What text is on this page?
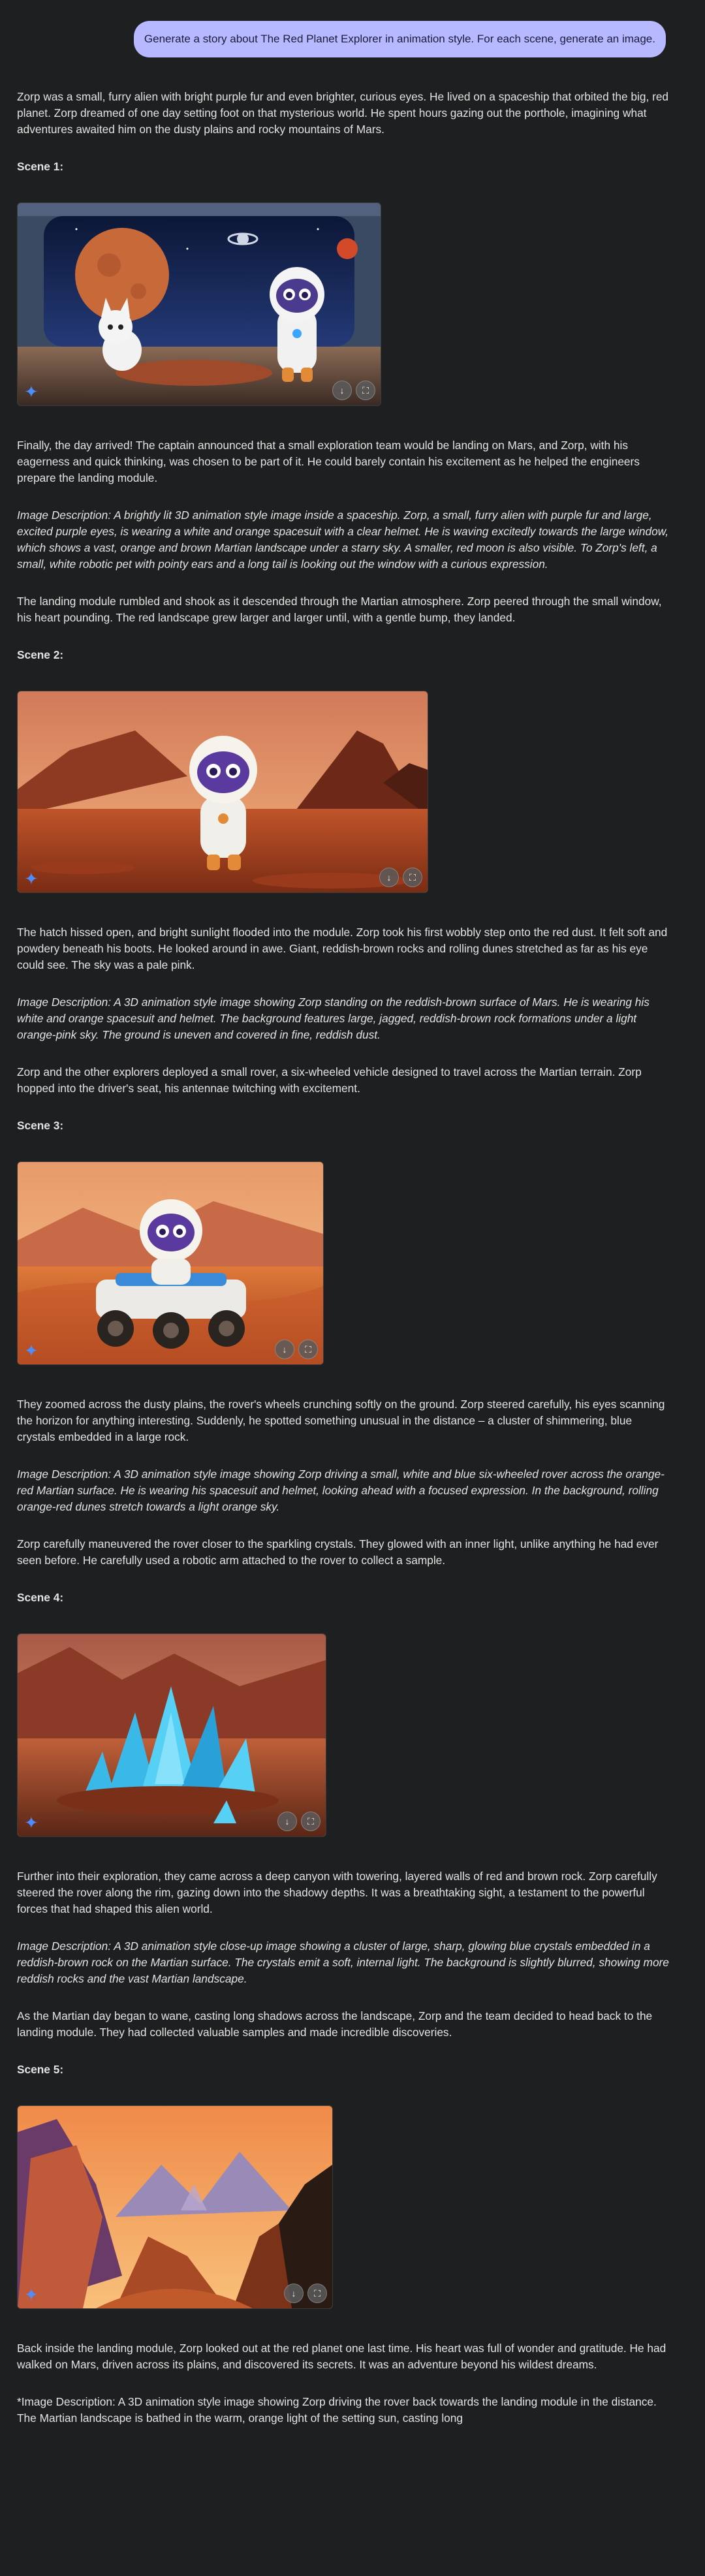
Generate a story about The Red Planet Explorer in animation style. For each scene, generate an image.

Zorp was a small, furry alien with bright purple fur and even brighter, curious eyes. He lived on a spaceship that orbited the big, red planet. Zorp dreamed of one day setting foot on that mysterious world. He spent hours gazing out the porthole, imagining what adventures awaited him on the dusty plains and rocky mountains of Mars.

Scene 1:
✦	↓	⛶

Finally, the day arrived! The captain announced that a small exploration team would be landing on Mars, and Zorp, with his eagerness and quick thinking, was chosen to be part of it. He could barely contain his excitement as he helped the engineers prepare the landing module.

Image Description: A brightly lit 3D animation style image inside a spaceship. Zorp, a small, furry alien with purple fur and large, excited purple eyes, is wearing a white and orange spacesuit with a clear helmet. He is waving excitedly towards the large window, which shows a vast, orange and brown Martian landscape under a starry sky. A smaller, red moon is also visible. To Zorp's left, a small, white robotic pet with pointy ears and a long tail is looking out the window with a curious expression.

The landing module rumbled and shook as it descended through the Martian atmosphere. Zorp peered through the small window, his heart pounding. The red landscape grew larger and larger until, with a gentle bump, they landed.

Scene 2:
✦	↓	⛶

The hatch hissed open, and bright sunlight flooded into the module. Zorp took his first wobbly step onto the red dust. It felt soft and powdery beneath his boots. He looked around in awe. Giant, reddish-brown rocks and rolling dunes stretched as far as his eye could see. The sky was a pale pink.

Image Description: A 3D animation style image showing Zorp standing on the reddish-brown surface of Mars. He is wearing his white and orange spacesuit and helmet. The background features large, jagged, reddish-brown rock formations under a light orange-pink sky. The ground is uneven and covered in fine, reddish dust.

Zorp and the other explorers deployed a small rover, a six-wheeled vehicle designed to travel across the Martian terrain. Zorp hopped into the driver's seat, his antennae twitching with excitement.

Scene 3:
✦	↓	⛶

They zoomed across the dusty plains, the rover's wheels crunching softly on the ground. Zorp steered carefully, his eyes scanning the horizon for anything interesting. Suddenly, he spotted something unusual in the distance – a cluster of shimmering, blue crystals embedded in a large rock.

Image Description: A 3D animation style image showing Zorp driving a small, white and blue six-wheeled rover across the orange-red Martian surface. He is wearing his spacesuit and helmet, looking ahead with a focused expression. In the background, rolling orange-red dunes stretch towards a light orange sky.

Zorp carefully maneuvered the rover closer to the sparkling crystals. They glowed with an inner light, unlike anything he had ever seen before. He carefully used a robotic arm attached to the rover to collect a sample.

Scene 4:
✦	↓	⛶

Further into their exploration, they came across a deep canyon with towering, layered walls of red and brown rock. Zorp carefully steered the rover along the rim, gazing down into the shadowy depths. It was a breathtaking sight, a testament to the powerful forces that had shaped this alien world.

Image Description: A 3D animation style close-up image showing a cluster of large, sharp, glowing blue crystals embedded in a reddish-brown rock on the Martian surface. The crystals emit a soft, internal light. The background is slightly blurred, showing more reddish rocks and the vast Martian landscape.

As the Martian day began to wane, casting long shadows across the landscape, Zorp and the team decided to head back to the landing module. They had collected valuable samples and made incredible discoveries.

Scene 5:
✦	↓	⛶

Back inside the landing module, Zorp looked out at the red planet one last time. His heart was full of wonder and gratitude. He had walked on Mars, driven across its plains, and discovered its secrets. It was an adventure beyond his wildest dreams.

*Image Description: A 3D animation style image showing Zorp driving the rover back towards the landing module in the distance. The Martian landscape is bathed in the warm, orange light of the setting sun, casting long
